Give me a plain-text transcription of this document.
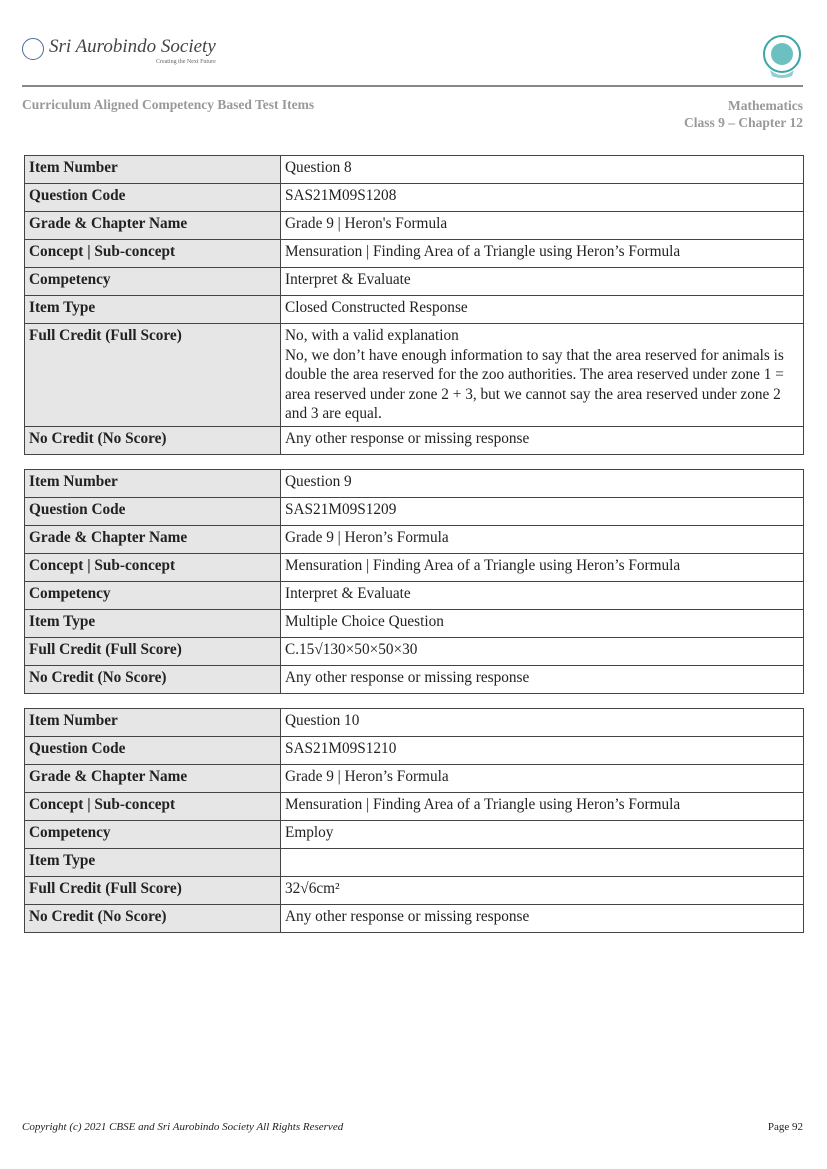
Sri Aurobindo Society
Creating the Next Future
Curriculum Aligned Competency Based Test Items	Mathematics
Class 9 – Chapter 12
Item Number	Question 8
Question Code	SAS21M09S1208
Grade & Chapter Name	Grade 9 | Heron's Formula
Concept | Sub-concept	Mensuration | Finding Area of a Triangle using Heron’s Formula
Competency	Interpret & Evaluate
Item Type	Closed Constructed Response
Full Credit (Full Score)	No, with a valid explanation
No, we don’t have enough information to say that the area reserved for animals is double the area reserved for the zoo authorities. The area reserved under zone 1 = area reserved under zone 2 + 3, but we cannot say the area reserved under zone 2 and 3 are equal.

No Credit (No Score)	Any other response or missing response
Item Number	Question 9
Question Code	SAS21M09S1209
Grade & Chapter Name	Grade 9 | Heron’s Formula
Concept | Sub-concept	Mensuration | Finding Area of a Triangle using Heron’s Formula
Competency	Interpret & Evaluate
Item Type	Multiple Choice Question
Full Credit (Full Score)	C.15√130×50×50×30
No Credit (No Score)	Any other response or missing response
Item Number	Question 10
Question Code	SAS21M09S1210
Grade & Chapter Name	Grade 9 | Heron’s Formula
Concept | Sub-concept	Mensuration | Finding Area of a Triangle using Heron’s Formula
Competency	Employ
Item Type	
Full Credit (Full Score)	32√6cm²
No Credit (No Score)	Any other response or missing response
Copyright (c) 2021 CBSE and Sri Aurobindo Society All Rights Reserved	Page 92
